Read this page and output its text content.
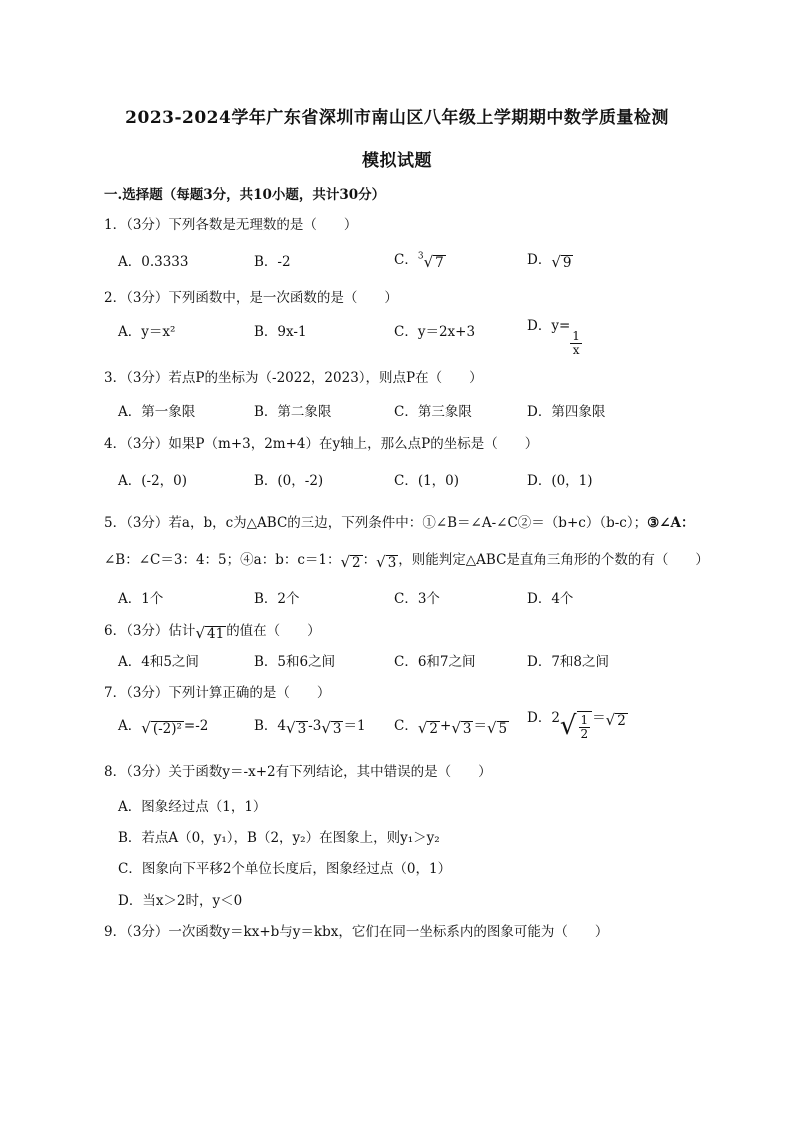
2023-2024学年广东省深圳市南山区八年级上学期期中数学质量检测
模拟试题
一.选择题（每题3分，共10小题，共计30分）
1．（3分）下列各数是无理数的是（　　）
A．0.3333	B．-2	C．$^3$ √ 7	D． √ 9
2．（3分）下列函数中，是一次函数的是（　　）
A．y＝x²	B．9x-1	C．y＝2x+3	D．y=
$\frac{1}{x}$
3．（3分）若点P的坐标为（-2022，2023），则点P在（　　）
A．第一象限	B．第二象限	C．第三象限	D．第四象限
4．（3分）如果P（m+3，2m+4）在y轴上，那么点P的坐标是（　　）
A．(-2，0)	B．(0，-2)	C．(1，0)	D．(0，1)
5．（3分）若a，b，c为△ABC的三边，下列条件中：①∠B＝∠A-∠C②＝（b+c）（b-c）；③∠A：
∠B：∠C＝3：4：5；④a：b：c＝1： √ 2 ： √ 3 ，则能判定△ABC是直角三角形的个数的有（　　）
A．1个	B．2个	C．3个	D．4个
6．（3分）估计 √ 41 的值在（　　）
A．4和5之间	B．5和6之间	C．6和7之间	D．7和8之间
7．（3分）下列计算正确的是（　　）
A． √ (-2)² =-2	B．4 √ 3 -3 √ 3 ＝1 C． √ 2 + √ 3 ＝ √ 5
D．2 √ $\frac{1}{2}$ ＝ √ 2
8．（3分）关于函数y＝-x+2有下列结论，其中错误的是（　　）
A．图象经过点（1，1）
B．若点A（0，y₁），B（2，y₂）在图象上，则y₁＞y₂
C．图象向下平移2个单位长度后，图象经过点（0，1）
D．当x＞2时，y＜0
9．（3分）一次函数y＝kx+b与y＝kbx，它们在同一坐标系内的图象可能为（　　）
